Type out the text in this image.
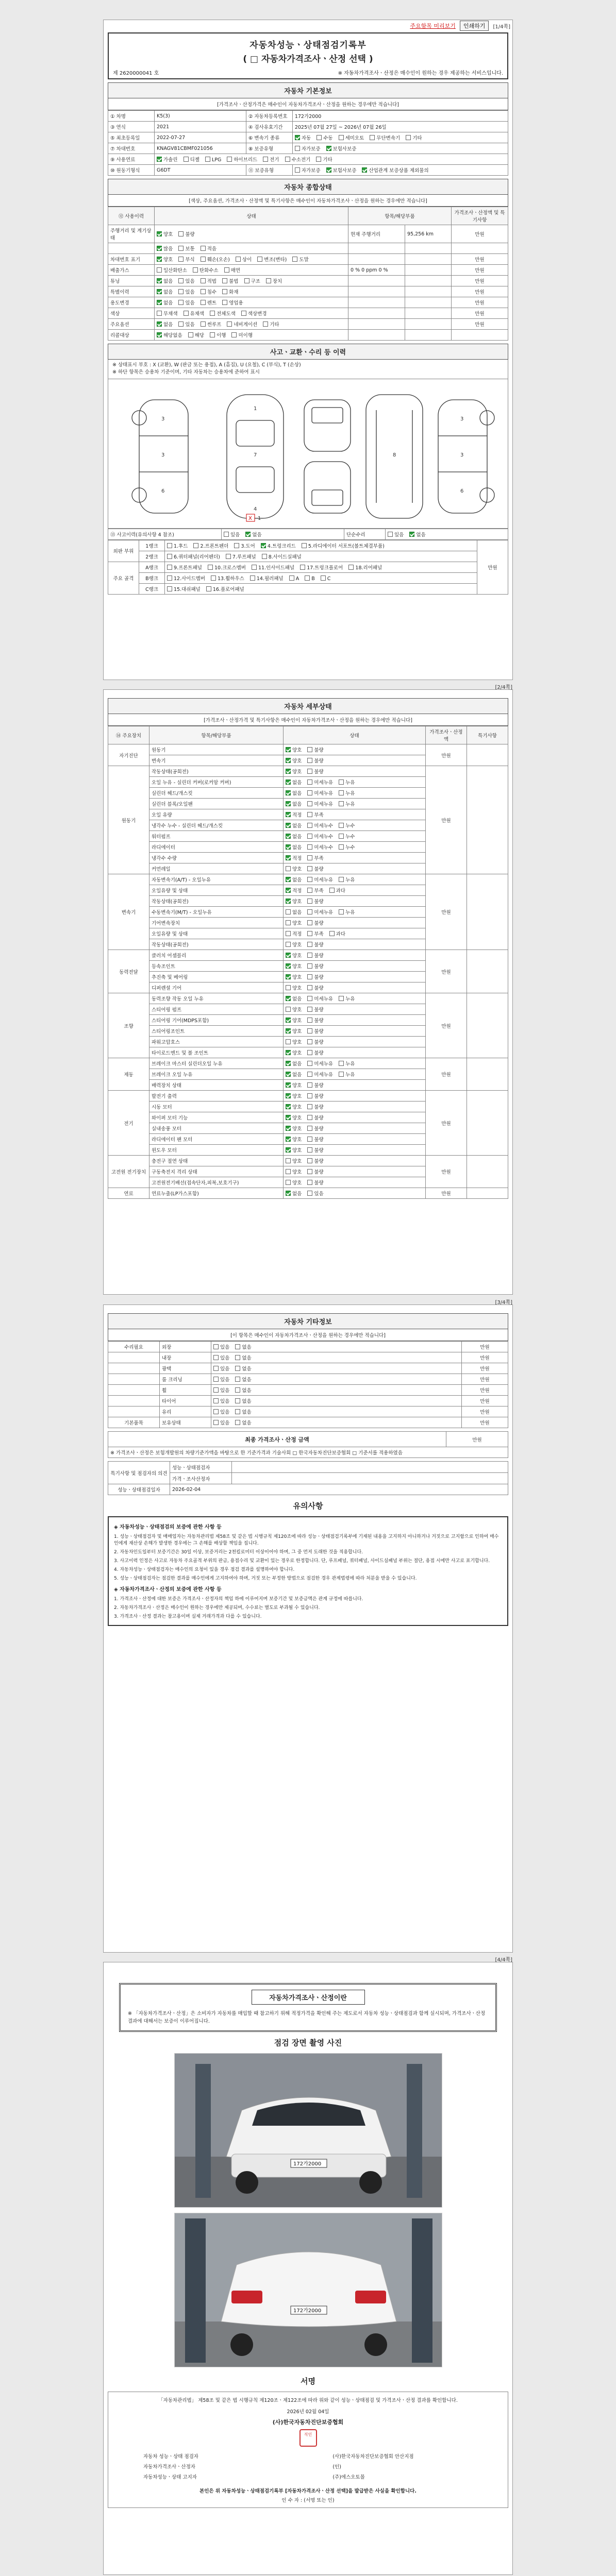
주요항목 미리보기	인쇄하기	[1/4쪽]
자동차성능ㆍ상태점검기록부
( □ 자동차가격조사ㆍ산정 선택 )
제 2620000041 호	※ 자동차가격조사ㆍ산정은 매수인이 원하는 경우 제공하는 서비스입니다.
자동차 기본정보
[가격조사ㆍ산정가격은 매수인이 자동차가격조사ㆍ산정을 원하는 경우에만 적습니다]
① 차명	K5(3)	② 자동차등록번호	172가2000
③ 연식	2021	④ 검사유효기간	2025년 07월 27일 ~ 2026년 07월 26일
⑤ 최초등록일	2022-07-27	⑥ 변속기 종류	자동 수동 세미오토 무단변속기 기타
⑦ 차대번호	KNAGV81CBMF021056	⑧ 보증유형	자가보증 보험사보증
⑨ 사용연료	가솔린 디젤 LPG 하이브리드 전기 수소전기 기타		
⑩ 원동기형식	G6DT	⑪ 보증유형	자가보증 보험사보증 산업관계 보증상품 제외물의
자동차 종합상태
[색상, 주요옵션, 가격조사ㆍ산정액 및 특기사항은 매수인이 자동차가격조사ㆍ산정을 원하는 경우에만 적습니다]
⑫ 사용이력	상태	항목/해당부품		가격조사ㆍ산정액 및 특기사항
주행거리 및 계기상태	양호 불량	현재 주행거리	95,256 km	만원
	많음 보통 적음			
차대번호 표기	양호 부식 훼손(오손) 상이 변조(변타) 도말			만원
배출가스	일산화탄소 탄화수소 매연	0 % 0 ppm 0 %		만원
튜닝	없음 있음 적법 불법 구조 장치			만원
특별이력	없음 있음 침수 화재			만원
용도변경	없음 있음 렌트 영업용			만원
색상	무채색 유채색 전체도색 색상변경			만원
주요옵션	없음 있음 썬루프 네비게이션 기타			만원
리콜대상	해당없음 해당 이행 미이행			
사고ㆍ교환ㆍ수리 등 이력
※ 상태표시 부호 : X (교환), W (판금 또는 용접), A (흠집), U (요철), C (부식), T (손상)
※ 하단 항목은 승용차 기준이며, 기타 자동차는 승용차에 준하여 표시
3
3
6
1
7
4
8
3
3
6
X 1
⑬ 사고이력(유의사항 4 참조)	있음 없음	단순수리	있음 없음
외판 부위	1랭크	1.후드 2.프론트펜더 3.도어 4.트렁크리드 5.라디에이터 서포트(볼트체결부품)	만원
	2랭크	6.쿼터패널(리어펜더) 7.루프패널 8.사이드실패널	
주요 골격	A랭크	9.프론트패널 10.크로스멤버 11.인사이드패널 17.트렁크플로어 18.리어패널	
	B랭크	12.사이드멤버 13.휠하우스 14.필러패널 A B C	
	C랭크	15.대쉬패널 16.플로어패널	
[2/4쪽]
자동차 세부상태
[가격조사ㆍ산정가격 및 특기사항은 매수인이 자동차가격조사ㆍ산정을 원하는 경우에만 적습니다]
⑭ 주요장치	항목/해당부품	상태	가격조사ㆍ산정액	특기사항
자기진단	원동기	양호 불량	만원	
	변속기	양호 불량		
원동기	작동상태(공회전)	양호 불량	만원	
	오일 누유 - 실린더 커버(로커암 커버)	없음 미세누유 누유		
	실린더 헤드/개스킷	없음 미세누유 누유		
	실린더 블록/오일팬	없음 미세누유 누유		
	오일 유량	적정 부족		
	냉각수 누수 - 실린더 헤드/개스킷	없음 미세누수 누수		
	워터펌프	없음 미세누수 누수		
	라디에이터	없음 미세누수 누수		
	냉각수 수량	적정 부족		
	커먼레일	양호 불량		
변속기	자동변속기(A/T) - 오일누유	없음 미세누유 누유	만원	
	오일유량 및 상태	적정 부족 과다		
	작동상태(공회전)	양호 불량		
	수동변속기(M/T) - 오일누유	없음 미세누유 누유		
	기어변속장치	양호 불량		
	오일유량 및 상태	적정 부족 과다		
	작동상태(공회전)	양호 불량		
동력전달	클러치 어셈블리	양호 불량	만원	
	등속조인트	양호 불량		
	추진축 및 베어링	양호 불량		
	디퍼렌셜 기어	양호 불량		
조향	동력조향 작동 오일 누유	없음 미세누유 누유	만원	
	스티어링 펌프	양호 불량		
	스티어링 기어(MDPS포함)	양호 불량		
	스티어링조인트	양호 불량		
	파워고압호스	양호 불량		
	타이로드엔드 및 볼 조인트	양호 불량		
제동	브레이크 마스터 실린더오일 누유	없음 미세누유 누유	만원	
	브레이크 오일 누유	없음 미세누유 누유		
	배력장치 상태	양호 불량		
전기	발전기 출력	양호 불량	만원	
	시동 모터	양호 불량		
	와이퍼 모터 기능	양호 불량		
	실내송풍 모터	양호 불량		
	라디에이터 팬 모터	양호 불량		
	윈도우 모터	양호 불량		
고전원 전기장치	충전구 절연 상태	양호 불량	만원	
	구동축전지 격리 상태	양호 불량		
	고전원전기배선(접속단자,피복,보호기구)	양호 불량		
연료	연료누출(LP가스포함)	없음 있음	만원	
[3/4쪽]
자동차 기타정보
[이 항목은 매수인이 자동차가격조사ㆍ산정을 원하는 경우에만 적습니다]
수리필요	외장	있음 없음	만원
	내장	있음 없음	만원
	광택	있음 없음	만원
	룸 크리닝	있음 없음	만원
	휠	있음 없음	만원
	타이어	있음 없음	만원
	유리	있음 없음	만원
기본품목	보유상태	있음 없음	만원
최종 가격조사ㆍ산정 금액	만원
※ 가격조사ㆍ산정은 보험개발원의 차량기준가액을 바탕으로 한 기준가격과 기술사회 □ 한국자동차진단보증협회 □ 기준서를 적용하였음
특기사항 및 점검자의 의견	성능ㆍ상태점검자	
	가격ㆍ조사산정자	
성능ㆍ상태점검일자	2026-02-04	
유의사항
◈ 자동차성능ㆍ상태점검의 보증에 관한 사항 등

1. 성능ㆍ상태점검자 및 매매업자는 자동차관리법 제58조 및 같은 법 시행규칙 제120조에 따라 성능ㆍ상태점검기록부에 기재된 내용을 고지하지 아니하거나 거짓으로 고지함으로 인하여 매수인에게 재산상 손해가 발생한 경우에는 그 손해를 배상할 책임을 집니다.

2. 자동차인도일부터 보증기간은 30일 이상, 보증거리는 2천킬로미터 이상이어야 하며, 그 중 먼저 도래한 것을 적용합니다.

3. 사고이력 인정은 사고로 자동차 주요골격 부위의 판금, 용접수리 및 교환이 있는 경우로 한정합니다. 단, 루프패널, 쿼터패널, 사이드실패널 부위는 절단, 용접 시에만 사고로 표기합니다.

4. 자동차성능ㆍ상태점검자는 매수인의 요청이 있을 경우 점검 결과를 설명하여야 합니다.

5. 성능ㆍ상태점검자는 점검한 결과를 매수인에게 고지하여야 하며, 거짓 또는 부정한 방법으로 점검한 경우 관계법령에 따라 처분을 받을 수 있습니다.

◈ 자동차가격조사ㆍ산정의 보증에 관한 사항 등

1. 가격조사ㆍ산정에 대한 보증은 가격조사ㆍ산정자의 책임 하에 이루어지며 보증기간 및 보증금액은 관계 규정에 따릅니다.

2. 자동차가격조사ㆍ산정은 매수인이 원하는 경우에만 제공되며, 수수료는 별도로 부과될 수 있습니다.

3. 가격조사ㆍ산정 결과는 참고용이며 실제 거래가격과 다를 수 있습니다.

[4/4쪽]
자동차가격조사ㆍ산정이란
※ 「자동차가격조사ㆍ산정」은 소비자가 자동차를 매입할 때 참고하기 위해 적정가격을 확인해 주는 제도로서 자동차 성능ㆍ상태점검과 함께 실시되며, 가격조사ㆍ산정 결과에 대해서는 보증이 이루어집니다.
점검 장면 촬영 사진
172가2000
172가2000
서명
「자동차관리법」 제58조 및 같은 법 시행규칙 제120조ㆍ제122조에 따라 위와 같이 성능ㆍ상태점검 및 가격조사ㆍ산정 결과를 확인합니다.
2026년 02월 04일
(사)한국자동차진단보증협회
직인
자동차 성능ㆍ상태 점검자	(사)한국자동차진단보증협회 안산지점
자동차가격조사ㆍ산정자	(인)
자동차성능ㆍ상태 고지자	(주)에스오토몰
본인은 위 자동차성능ㆍ상태점검기록부 [자동차가격조사ㆍ산정 선택]을 발급받은 사실을 확인합니다.
인 수 자 : (서명 또는 인)
